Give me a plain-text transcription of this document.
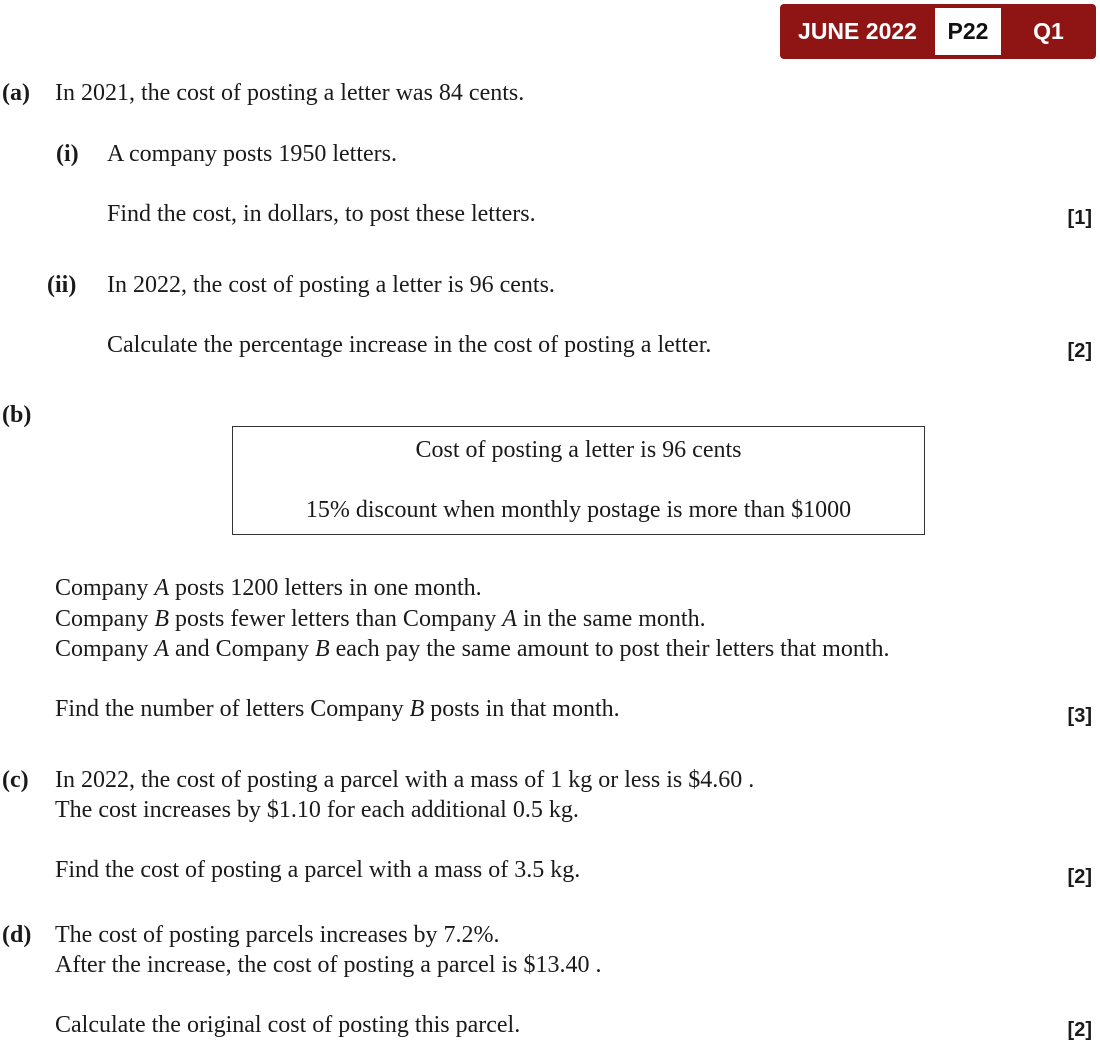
JUNE 2022	P22	Q1
(a) In 2021, the cost of posting a letter was 84 cents.
(i) A company posts 1950 letters.
Find the cost, in dollars, to post these letters.	[1]
(ii) In 2022, the cost of posting a letter is 96 cents.
Calculate the percentage increase in the cost of posting a letter.	[2]
(b)
Cost of posting a letter is 96 cents
15% discount when monthly postage is more than $1000
Company A posts 1200 letters in one month.
Company B posts fewer letters than Company A in the same month.
Company A and Company B each pay the same amount to post their letters that month.
Find the number of letters Company B posts in that month.	[3]
(c) In 2022, the cost of posting a parcel with a mass of 1 kg or less is $4.60 .
The cost increases by $1.10 for each additional 0.5 kg.
Find the cost of posting a parcel with a mass of 3.5 kg.	[2]
(d) The cost of posting parcels increases by 7.2%.
After the increase, the cost of posting a parcel is $13.40 .
Calculate the original cost of posting this parcel.	[2]
